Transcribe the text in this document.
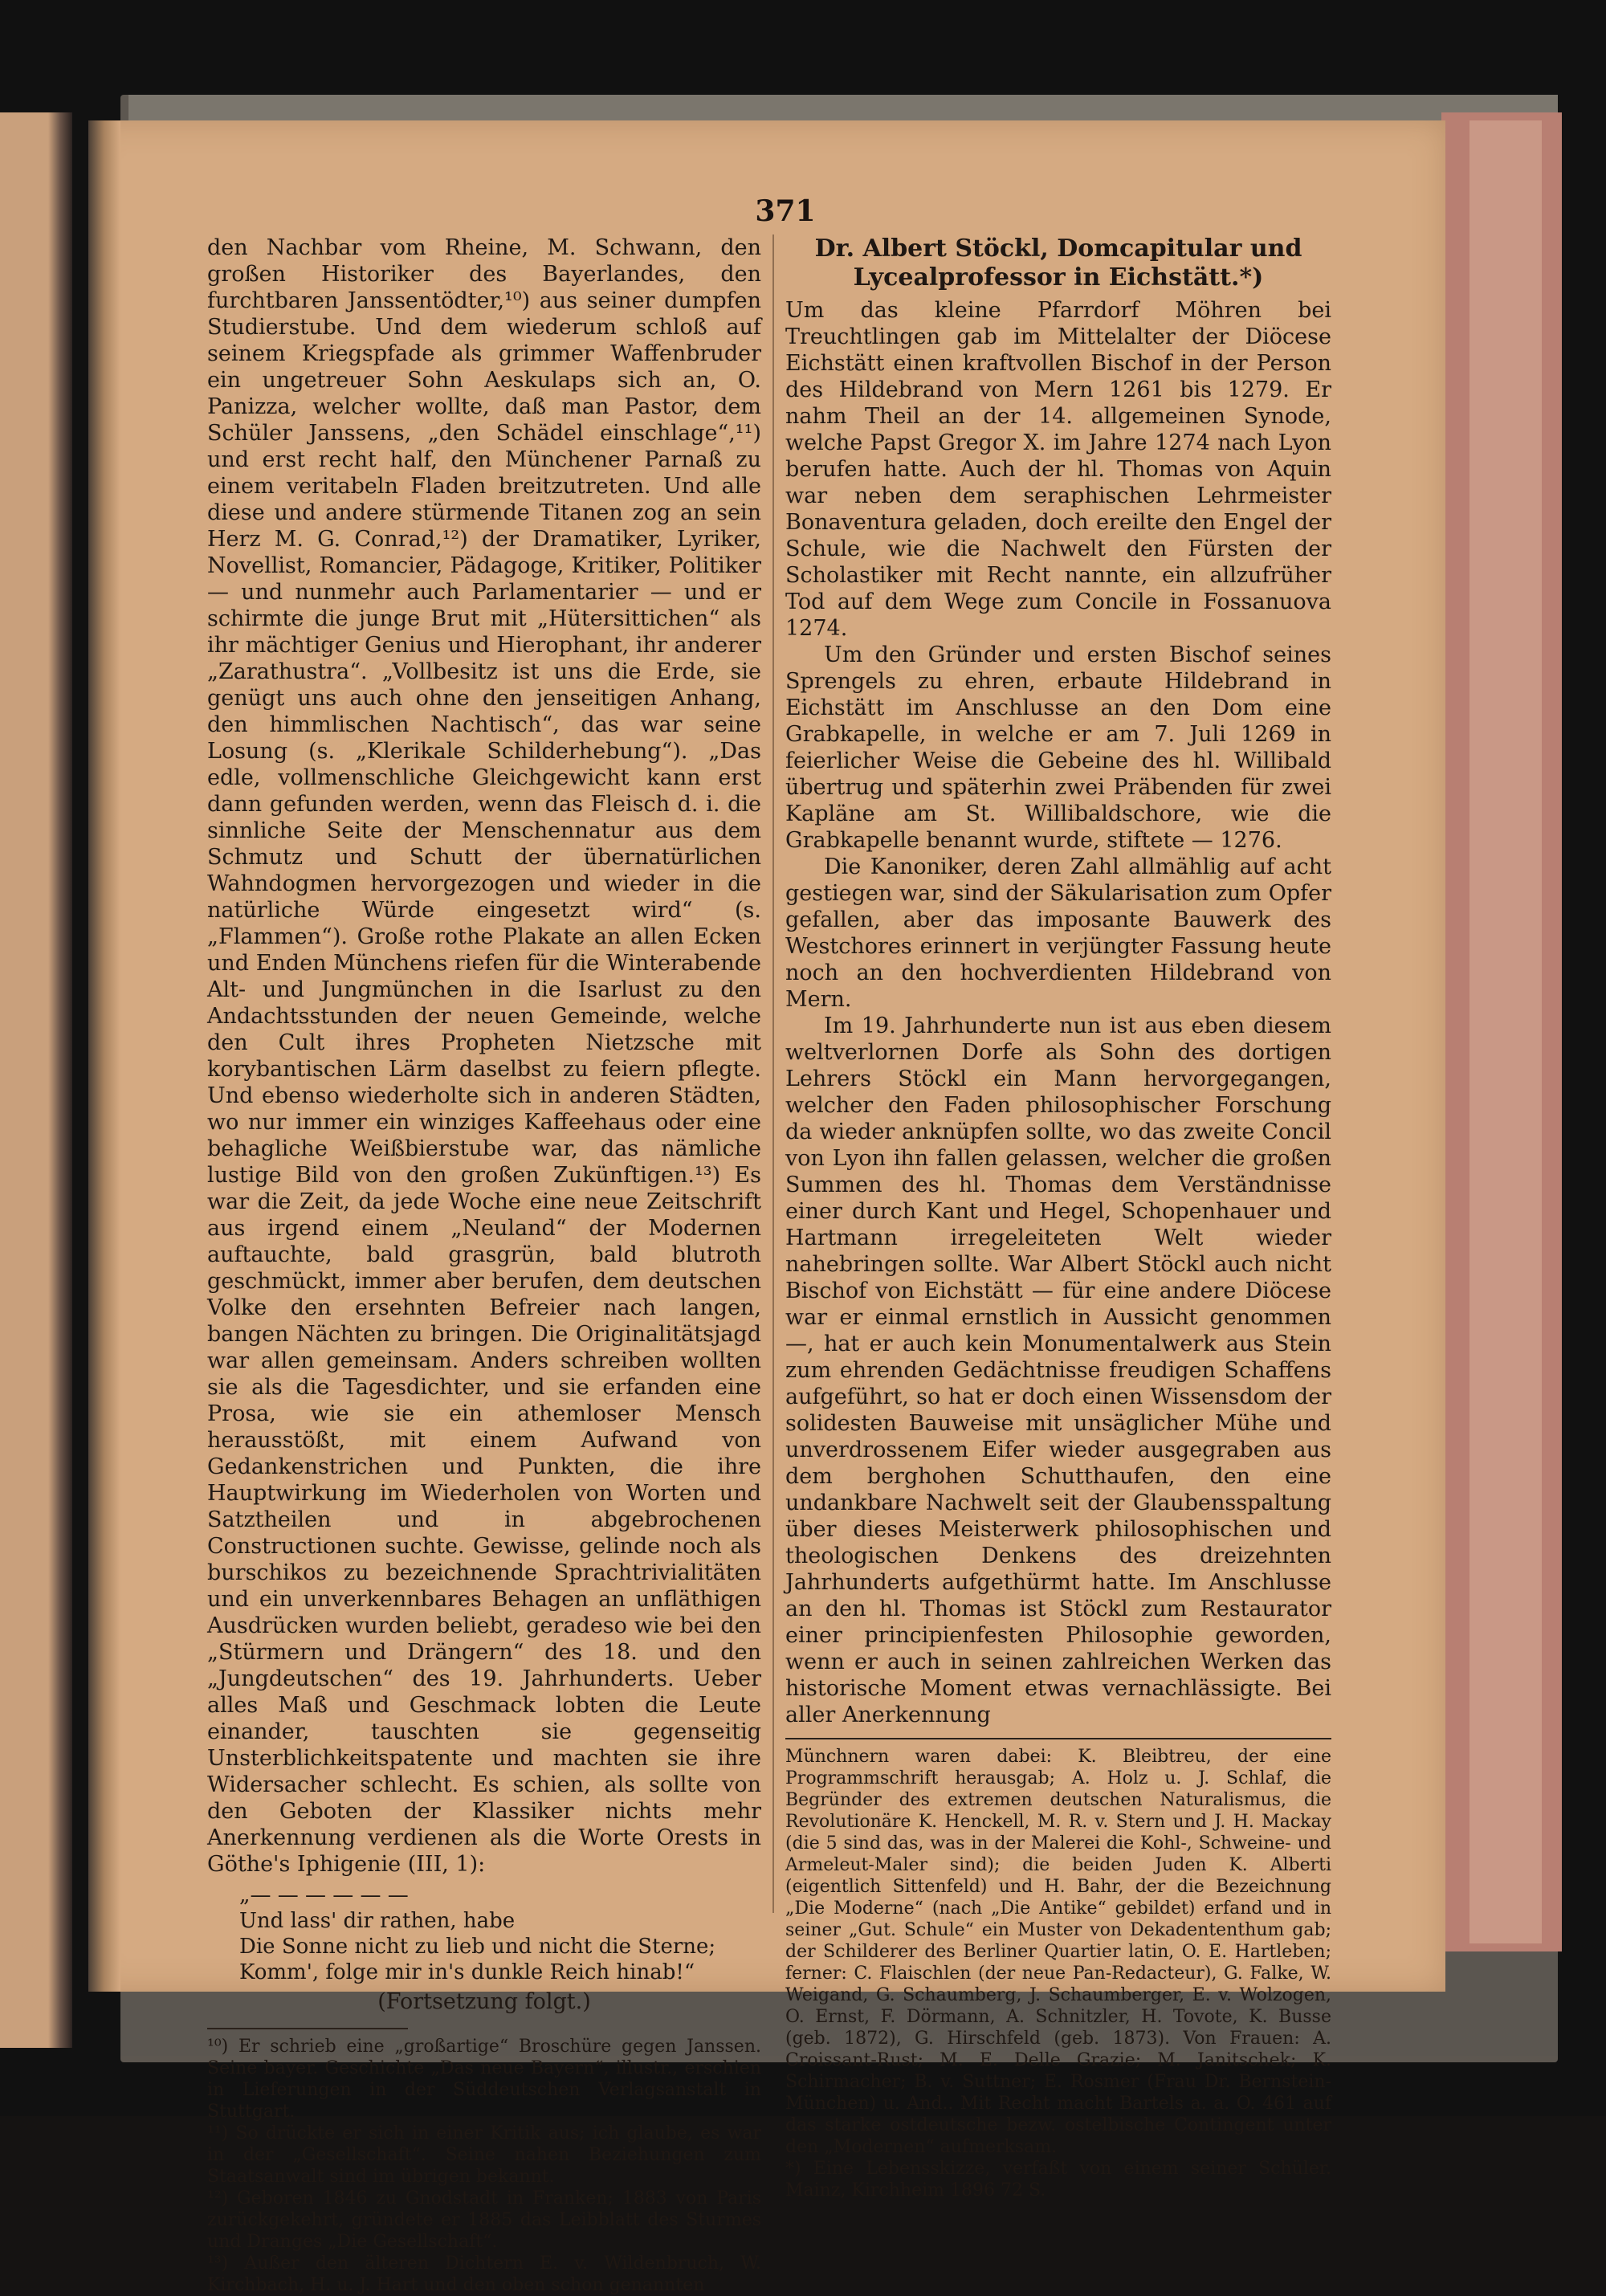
371

den Nachbar vom Rheine, M. Schwann, den großen Historiker des Bayerlandes, den furchtbaren Janssentödter,¹⁰) aus seiner dumpfen Studierstube. Und dem wiederum schloß auf seinem Kriegspfade als grimmer Waffenbruder ein ungetreuer Sohn Aeskulaps sich an, O. Panizza, welcher wollte, daß man Pastor, dem Schüler Janssens, „den Schädel einschlage“,¹¹) und erst recht half, den Münchener Parnaß zu einem veritabeln Fladen breitzutreten. Und alle diese und andere stürmende Titanen zog an sein Herz M. G. Conrad,¹²) der Dramatiker, Lyriker, Novellist, Romancier, Pädagoge, Kritiker, Politiker — und nunmehr auch Parlamentarier — und er schirmte die junge Brut mit „Hütersittichen“ als ihr mächtiger Genius und Hierophant, ihr anderer „Zarathustra“. „Vollbesitz ist uns die Erde, sie genügt uns auch ohne den jenseitigen Anhang, den himmlischen Nachtisch“, das war seine Losung (s. „Klerikale Schilderhebung“). „Das edle, vollmenschliche Gleichgewicht kann erst dann gefunden werden, wenn das Fleisch d. i. die sinnliche Seite der Menschennatur aus dem Schmutz und Schutt der übernatürlichen Wahndogmen hervorgezogen und wieder in die natürliche Würde eingesetzt wird“ (s. „Flammen“). Große rothe Plakate an allen Ecken und Enden Münchens riefen für die Winterabende Alt- und Jungmünchen in die Isarlust zu den Andachtsstunden der neuen Gemeinde, welche den Cult ihres Propheten Nietzsche mit korybantischen Lärm daselbst zu feiern pflegte. Und ebenso wiederholte sich in anderen Städten, wo nur immer ein winziges Kaffeehaus oder eine behagliche Weißbierstube war, das nämliche lustige Bild von den großen Zukünftigen.¹³) Es war die Zeit, da jede Woche eine neue Zeitschrift aus irgend einem „Neuland“ der Modernen auftauchte, bald grasgrün, bald blutroth geschmückt, immer aber berufen, dem deutschen Volke den ersehnten Befreier nach langen, bangen Nächten zu bringen. Die Originalitätsjagd war allen gemeinsam. Anders schreiben wollten sie als die Tagesdichter, und sie erfanden eine Prosa, wie sie ein athemloser Mensch herausstößt, mit einem Aufwand von Gedankenstrichen und Punkten, die ihre Hauptwirkung im Wiederholen von Worten und Satztheilen und in abgebrochenen Constructionen suchte. Gewisse, gelinde noch als burschikos zu bezeichnende Sprachtrivialitäten und ein unverkennbares Behagen an unfläthigen Ausdrücken wurden beliebt, geradeso wie bei den „Stürmern und Drängern“ des 18. und den „Jungdeutschen“ des 19. Jahrhunderts. Ueber alles Maß und Geschmack lobten die Leute einander, tauschten sie gegenseitig Unsterblichkeitspatente und machten sie ihre Widersacher schlecht. Es schien, als sollte von den Geboten der Klassiker nichts mehr Anerkennung verdienen als die Worte Orests in Göthe's Iphigenie (III, 1):

„— — — — — —
Und lass' dir rathen, habe
Die Sonne nicht zu lieb und nicht die Sterne;
Komm', folge mir in's dunkle Reich hinab!“

(Fortsetzung folgt.)

¹⁰) Er schrieb eine „großartige“ Broschüre gegen Janssen. Seine bayer. Geschichte „Das neue Bayern“, illustr., erschien in Lieferungen in der Süddeutschen Verlagsanstalt in Stuttgart.

¹¹) So drückte er sich in einer Kritik aus; ich glaube, es war in der „Gesellschaft“. Seine nahen Beziehungen zum Staatsanwalt sind im übrigen bekannt.

¹²) Geboren 1846 zu Gnodstadt in Franken; 1883 von Paris zurückgekehrt, gründete er 1885 das Leibblatt des Sturmes und Dranges „Die Gesellschaft“.

¹³) Außer den älteren Dichtern E. v. Wildenbruch, W. Kirchbach, H. u. J. Hart und den oben schon genannten

Dr. Albert Stöckl, Domcapitular und Lycealprofessor in Eichstätt.*)

Um das kleine Pfarrdorf Möhren bei Treuchtlingen gab im Mittelalter der Diöcese Eichstätt einen kraftvollen Bischof in der Person des Hildebrand von Mern 1261 bis 1279. Er nahm Theil an der 14. allgemeinen Synode, welche Papst Gregor X. im Jahre 1274 nach Lyon berufen hatte. Auch der hl. Thomas von Aquin war neben dem seraphischen Lehrmeister Bonaventura geladen, doch ereilte den Engel der Schule, wie die Nachwelt den Fürsten der Scholastiker mit Recht nannte, ein allzufrüher Tod auf dem Wege zum Concile in Fossanuova 1274.

Um den Gründer und ersten Bischof seines Sprengels zu ehren, erbaute Hildebrand in Eichstätt im Anschlusse an den Dom eine Grabkapelle, in welche er am 7. Juli 1269 in feierlicher Weise die Gebeine des hl. Willibald übertrug und späterhin zwei Präbenden für zwei Kapläne am St. Willibaldschore, wie die Grabkapelle benannt wurde, stiftete — 1276.

Die Kanoniker, deren Zahl allmählig auf acht gestiegen war, sind der Säkularisation zum Opfer gefallen, aber das imposante Bauwerk des Westchores erinnert in verjüngter Fassung heute noch an den hochverdienten Hildebrand von Mern.

Im 19. Jahrhunderte nun ist aus eben diesem weltverlornen Dorfe als Sohn des dortigen Lehrers Stöckl ein Mann hervorgegangen, welcher den Faden philosophischer Forschung da wieder anknüpfen sollte, wo das zweite Concil von Lyon ihn fallen gelassen, welcher die großen Summen des hl. Thomas dem Verständnisse einer durch Kant und Hegel, Schopenhauer und Hartmann irregeleiteten Welt wieder nahebringen sollte. War Albert Stöckl auch nicht Bischof von Eichstätt — für eine andere Diöcese war er einmal ernstlich in Aussicht genommen —, hat er auch kein Monumentalwerk aus Stein zum ehrenden Gedächtnisse freudigen Schaffens aufgeführt, so hat er doch einen Wissensdom der solidesten Bauweise mit unsäglicher Mühe und unverdrossenem Eifer wieder ausgegraben aus dem berghohen Schutthaufen, den eine undankbare Nachwelt seit der Glaubensspaltung über dieses Meisterwerk philosophischen und theologischen Denkens des dreizehnten Jahrhunderts aufgethürmt hatte. Im Anschlusse an den hl. Thomas ist Stöckl zum Restaurator einer principienfesten Philosophie geworden, wenn er auch in seinen zahlreichen Werken das historische Moment etwas vernachlässigte. Bei aller Anerkennung

Münchnern waren dabei: K. Bleibtreu, der eine Programmschrift herausgab; A. Holz u. J. Schlaf, die Begründer des extremen deutschen Naturalismus, die Revolutionäre K. Henckell, M. R. v. Stern und J. H. Mackay (die 5 sind das, was in der Malerei die Kohl-, Schweine- und Armeleut-Maler sind); die beiden Juden K. Alberti (eigentlich Sittenfeld) und H. Bahr, der die Bezeichnung „Die Moderne“ (nach „Die Antike“ gebildet) erfand und in seiner „Gut. Schule“ ein Muster von Dekadententhum gab; der Schilderer des Berliner Quartier latin, O. E. Hartleben; ferner: C. Flaischlen (der neue Pan-Redacteur), G. Falke, W. Weigand, G. Schaumberg, J. Schaumberger, E. v. Wolzogen, O. Ernst, F. Dörmann, A. Schnitzler, H. Tovote, K. Busse (geb. 1872), G. Hirschfeld (geb. 1873). Von Frauen: A. Croissant-Rust; M. E. Delle Grazie; M. Janitschek; K. Schirmacher; B. v. Suttner; E. Rosmer (Frau Dr. Bernstein-München) u. And.. Mit Recht macht Bartels a. a. O. 461 auf das starke ostdeutsche bezw. ostelbische Contingent unter den „Modernen“ aufmerksam.

*) Eine Lebensskizze, verfaßt von einem seiner Schüler. Mainz, Kirchheim 1896 72 S.
